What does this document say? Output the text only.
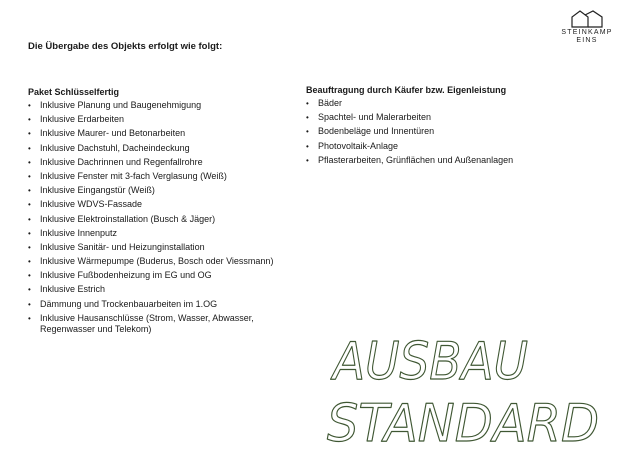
STEINKAMP
EINS
Die Übergabe des Objekts erfolgt wie folgt:
Paket Schlüsselfertig
• Inklusive Planung und Baugenehmigung
• Inklusive Erdarbeiten
• Inklusive Maurer- und Betonarbeiten
• Inklusive Dachstuhl, Dacheindeckung
• Inklusive Dachrinnen und Regenfallrohre
• Inklusive Fenster mit 3-fach Verglasung (Weiß)
• Inklusive Eingangstür (Weiß)
• Inklusive WDVS-Fassade
• Inklusive Elektroinstallation (Busch & Jäger)
• Inklusive Innenputz
• Inklusive Sanitär- und Heizunginstallation
• Inklusive Wärmepumpe (Buderus, Bosch oder Viessmann)
• Inklusive Fußbodenheizung im EG und OG
• Inklusive Estrich
• Dämmung und Trockenbauarbeiten im 1.OG
• Inklusive Hausanschlüsse (Strom, Wasser, Abwasser, Regenwasser und Telekom)
Beauftragung durch Käufer bzw. Eigenleistung
• Bäder
• Spachtel- und Malerarbeiten
• Bodenbeläge und Innentüren
• Photovoltaik-Anlage
• Pflasterarbeiten, Grünflächen und Außenanlagen
AUSBAU
STANDARD
